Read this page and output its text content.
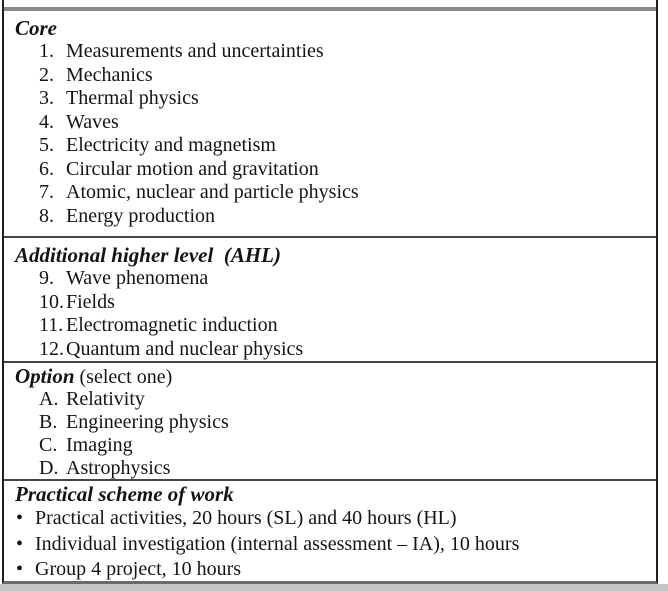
Core
1. Measurements and uncertainties
2. Mechanics
3. Thermal physics
4. Waves
5. Electricity and magnetism
6. Circular motion and gravitation
7. Atomic, nuclear and particle physics
8. Energy production
Additional higher level  (AHL)
9. Wave phenomena
10. Fields
11. Electromagnetic induction
12. Quantum and nuclear physics
Option (select one)
A. Relativity
B. Engineering physics
C. Imaging
D. Astrophysics
Practical scheme of work
• Practical activities, 20 hours (SL) and 40 hours (HL)
• Individual investigation (internal assessment – IA), 10 hours
• Group 4 project, 10 hours
